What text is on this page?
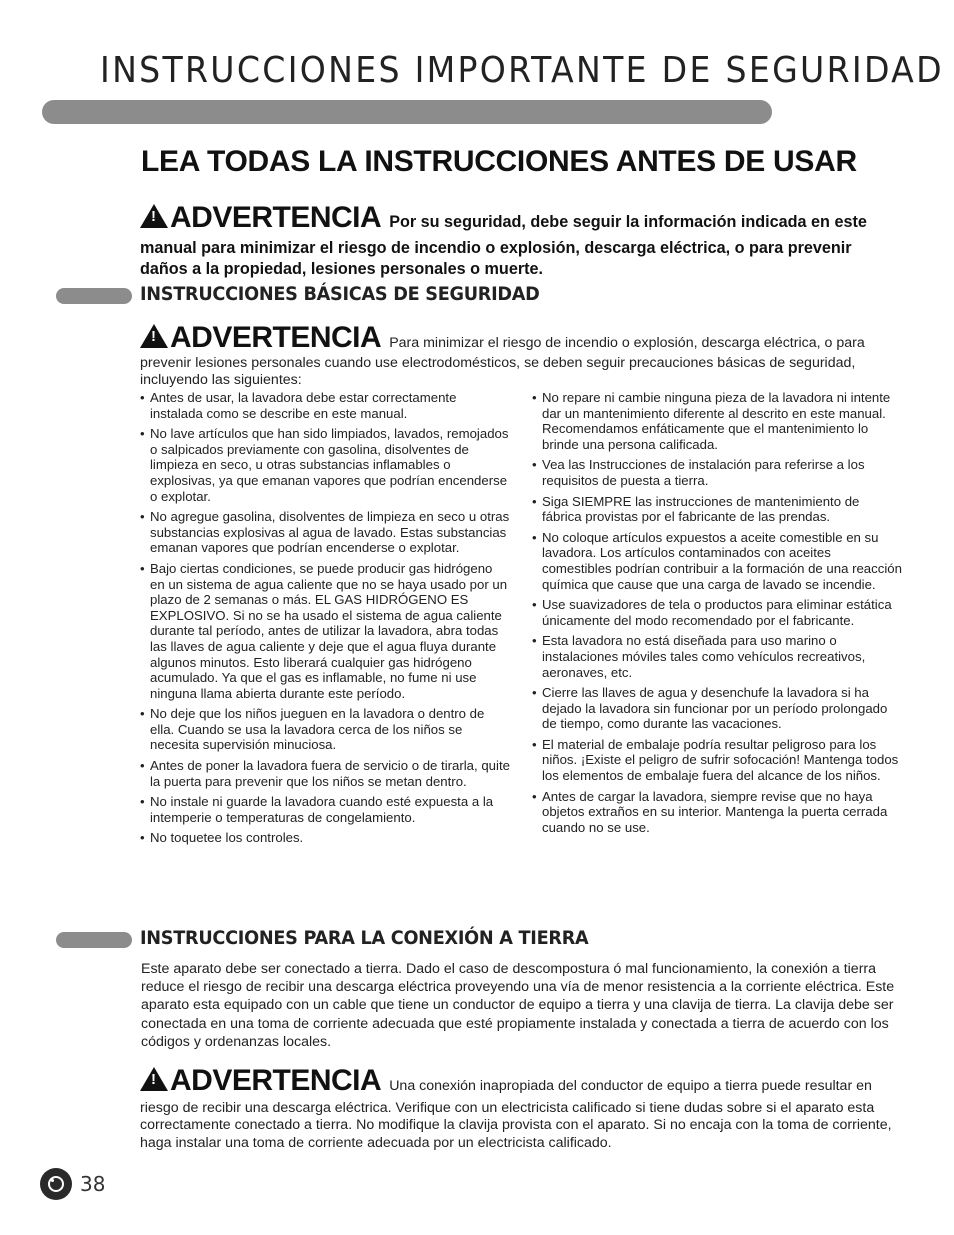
INSTRUCCIONES IMPORTANTE DE SEGURIDAD
LEA TODAS LA INSTRUCCIONES ANTES DE USAR
!ADVERTENCIA Por su seguridad, debe seguir la información indicada en este manual para minimizar el riesgo de incendio o explosión, descarga eléctrica, o para prevenir daños a la propiedad, lesiones personales o muerte.
INSTRUCCIONES BÁSICAS DE SEGURIDAD
!ADVERTENCIA Para minimizar el riesgo de incendio o explosión, descarga eléctrica, o para prevenir lesiones personales cuando use electrodomésticos, se deben seguir precauciones básicas de seguridad, incluyendo las siguientes:
• Antes de usar, la lavadora debe estar correctamente instalada como se describe en este manual.
• No lave artículos que han sido limpiados, lavados, remojados o salpicados previamente con gasolina, disolventes de limpieza en seco, u otras substancias inflamables o explosivas, ya que emanan vapores que podrían encenderse o explotar.
• No agregue gasolina, disolventes de limpieza en seco u otras substancias explosivas al agua de lavado. Estas substancias emanan vapores que podrían encenderse o explotar.
• Bajo ciertas condiciones, se puede producir gas hidrógeno en un sistema de agua caliente que no se haya usado por un plazo de 2 semanas o más. EL GAS HIDRÓGENO ES EXPLOSIVO. Si no se ha usado el sistema de agua caliente durante tal período, antes de utilizar la lavadora, abra todas las llaves de agua caliente y deje que el agua fluya durante algunos minutos. Esto liberará cualquier gas hidrógeno acumulado. Ya que el gas es inflamable, no fume ni use ninguna llama abierta durante este período.
• No deje que los niños jueguen en la lavadora o dentro de ella. Cuando se usa la lavadora cerca de los niños se necesita supervisión minuciosa.
• Antes de poner la lavadora fuera de servicio o de tirarla, quite la puerta para prevenir que los niños se metan dentro.
• No instale ni guarde la lavadora cuando esté expuesta a la intemperie o temperaturas de congelamiento.
• No toquetee los controles.
• No repare ni cambie ninguna pieza de la lavadora ni intente dar un mantenimiento diferente al descrito en este manual. Recomendamos enfáticamente que el mantenimiento lo brinde una persona calificada.
• Vea las Instrucciones de instalación para referirse a los requisitos de puesta a tierra.
• Siga SIEMPRE las instrucciones de mantenimiento de fábrica provistas por el fabricante de las prendas.
• No coloque artículos expuestos a aceite comestible en su lavadora. Los artículos contaminados con aceites comestibles podrían contribuir a la formación de una reacción química que cause que una carga de lavado se incendie.
• Use suavizadores de tela o productos para eliminar estática únicamente del modo recomendado por el fabricante.
• Esta lavadora no está diseñada para uso marino o instalaciones móviles tales como vehículos recreativos, aeronaves, etc.
• Cierre las llaves de agua y desenchufe la lavadora si ha dejado la lavadora sin funcionar por un período prolongado de tiempo, como durante las vacaciones.
• El material de embalaje podría resultar peligroso para los niños. ¡Existe el peligro de sufrir sofocación! Mantenga todos los elementos de embalaje fuera del alcance de los niños.
• Antes de cargar la lavadora, siempre revise que no haya objetos extraños en su interior. Mantenga la puerta cerrada cuando no se use.
INSTRUCCIONES PARA LA CONEXIÓN A TIERRA
Este aparato debe ser conectado a tierra. Dado el caso de descompostura ó mal funcionamiento, la conexión a tierra reduce el riesgo de recibir una descarga eléctrica proveyendo una vía de menor resistencia a la corriente eléctrica. Este aparato esta equipado con un cable que tiene un conductor de equipo a tierra y una clavija de tierra. La clavija debe ser conectada en una toma de corriente adecuada que esté propiamente instalada y conectada a tierra de acuerdo con los códigos y ordenanzas locales.
!ADVERTENCIA Una conexión inapropiada del conductor de equipo a tierra puede resultar en riesgo de recibir una descarga eléctrica. Verifique con un electricista calificado si tiene dudas sobre si el aparato esta correctamente conectado a tierra. No modifique la clavija provista con el aparato. Si no encaja con la toma de corriente, haga instalar una toma de corriente adecuada por un electricista calificado.
38
